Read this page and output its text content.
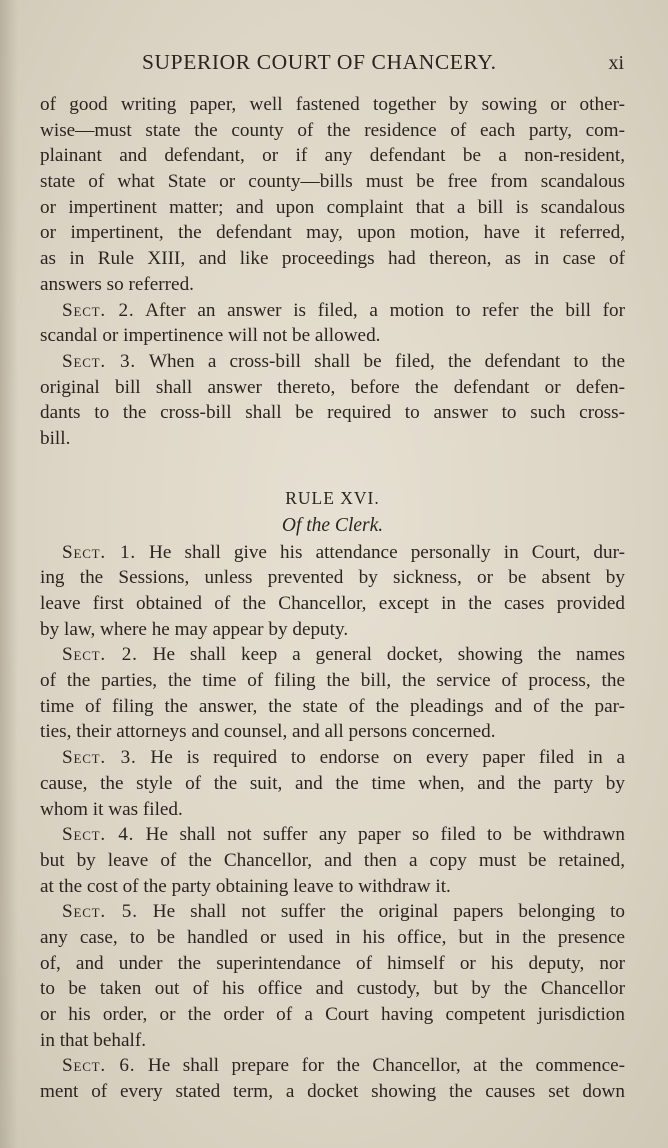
SUPERIOR COURT OF CHANCERY.	xi
of good writing paper, well fastened together by sowing or other-
wise—must state the county of the residence of each party, com-
plainant and defendant, or if any defendant be a non-resident,
state of what State or county—bills must be free from scandalous
or impertinent matter; and upon complaint that a bill is scandalous
or impertinent, the defendant may, upon motion, have it referred,
as in Rule XIII, and like proceedings had thereon, as in case of
answers so referred.
Sect. 2. After an answer is filed, a motion to refer the bill for
scandal or impertinence will not be allowed.
Sect. 3. When a cross-bill shall be filed, the defendant to the
original bill shall answer thereto, before the defendant or defen-
dants to the cross-bill shall be required to answer to such cross-
bill.
RULE XVI.
Of the Clerk.
Sect. 1. He shall give his attendance personally in Court, dur-
ing the Sessions, unless prevented by sickness, or be absent by
leave first obtained of the Chancellor, except in the cases provided
by law, where he may appear by deputy.
Sect. 2. He shall keep a general docket, showing the names
of the parties, the time of filing the bill, the service of process, the
time of filing the answer, the state of the pleadings and of the par-
ties, their attorneys and counsel, and all persons concerned.
Sect. 3. He is required to endorse on every paper filed in a
cause, the style of the suit, and the time when, and the party by
whom it was filed.
Sect. 4. He shall not suffer any paper so filed to be withdrawn
but by leave of the Chancellor, and then a copy must be retained,
at the cost of the party obtaining leave to withdraw it.
Sect. 5. He shall not suffer the original papers belonging to
any case, to be handled or used in his office, but in the presence
of, and under the superintendance of himself or his deputy, nor
to be taken out of his office and custody, but by the Chancellor
or his order, or the order of a Court having competent jurisdiction
in that behalf.
Sect. 6. He shall prepare for the Chancellor, at the commence-
ment of every stated term, a docket showing the causes set down
